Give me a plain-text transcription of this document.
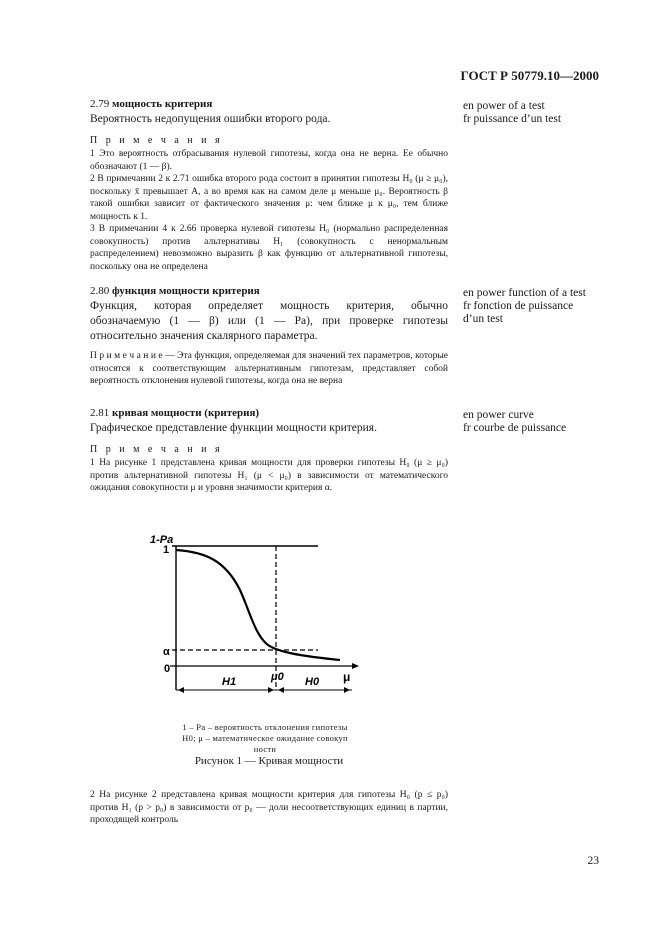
ГОСТ Р 50779.10—2000

2.79 мощность критерия

Вероятность недопущения ошибки второго рода.

П р и м е ч а н и я

1 Это вероятность отбрасывания нулевой гипотезы, когда она не верна. Ее обычно обозначают (1 — β).

2 В примечании 2 к 2.71 ошибка второго рода состоит в принятии гипотезы H₀ (μ ≥ μ₀), поскольку x̄ превышает A, а во время как на самом деле μ меньше μ₀. Вероятность β такой ошибки зависит от фактического значения μ: чем ближе μ к μ₀, тем ближе мощность к 1.

3 В примечании 4 к 2.66 проверка нулевой гипотезы H₀ (нормально распределенная совокупность) против альтернативы H₁ (совокупность с ненормальным распределением) невозможно выразить β как функцию от альтернативной гипотезы, поскольку она не определена

en power of a test
fr puissance d’un test

2.80 функция мощности критерия

Функция, которая определяет мощность критерия, обычно обозначаемую (1 — β) или (1 — Pa), при проверке гипотезы относительно значения скалярного параметра.

П р и м е ч а н и е — Эта функция, определяемая для значений тех параметров, которые относятся к соответствующим альтернативным гипотезам, представляет собой вероятность отклонения нулевой гипотезы, когда она не верна

en power function of a test
fr fonction de puissance
d’un test

2.81 кривая мощности (критерия)

Графическое представление функции мощности критерия.

П р и м е ч а н и я

1 На рисунке 1 представлена кривая мощности для проверки гипотезы H₀ (μ ≥ μ₀) против альтернативной гипотезы H₁ (μ < μ₀) в зависимости от математического ожидания совокупности μ и уровня значимости критерия α.

en power curve
fr courbe de puissance
1-Pa
1
α
0
H1	μ0 H0 μ
1 – Pa – вероятность отклонения гипотезы
H0; μ – математическое ожидание совокуп
ности
Рисунок 1 — Кривая мощности

2 На рисунке 2 представлена кривая мощности критерия для гипотезы H₀ (p ≤ p₀) против H₁ (p > p₀) в зависимости от p₀ — доли несоответствующих единиц в партии, проходящей контроль

23
